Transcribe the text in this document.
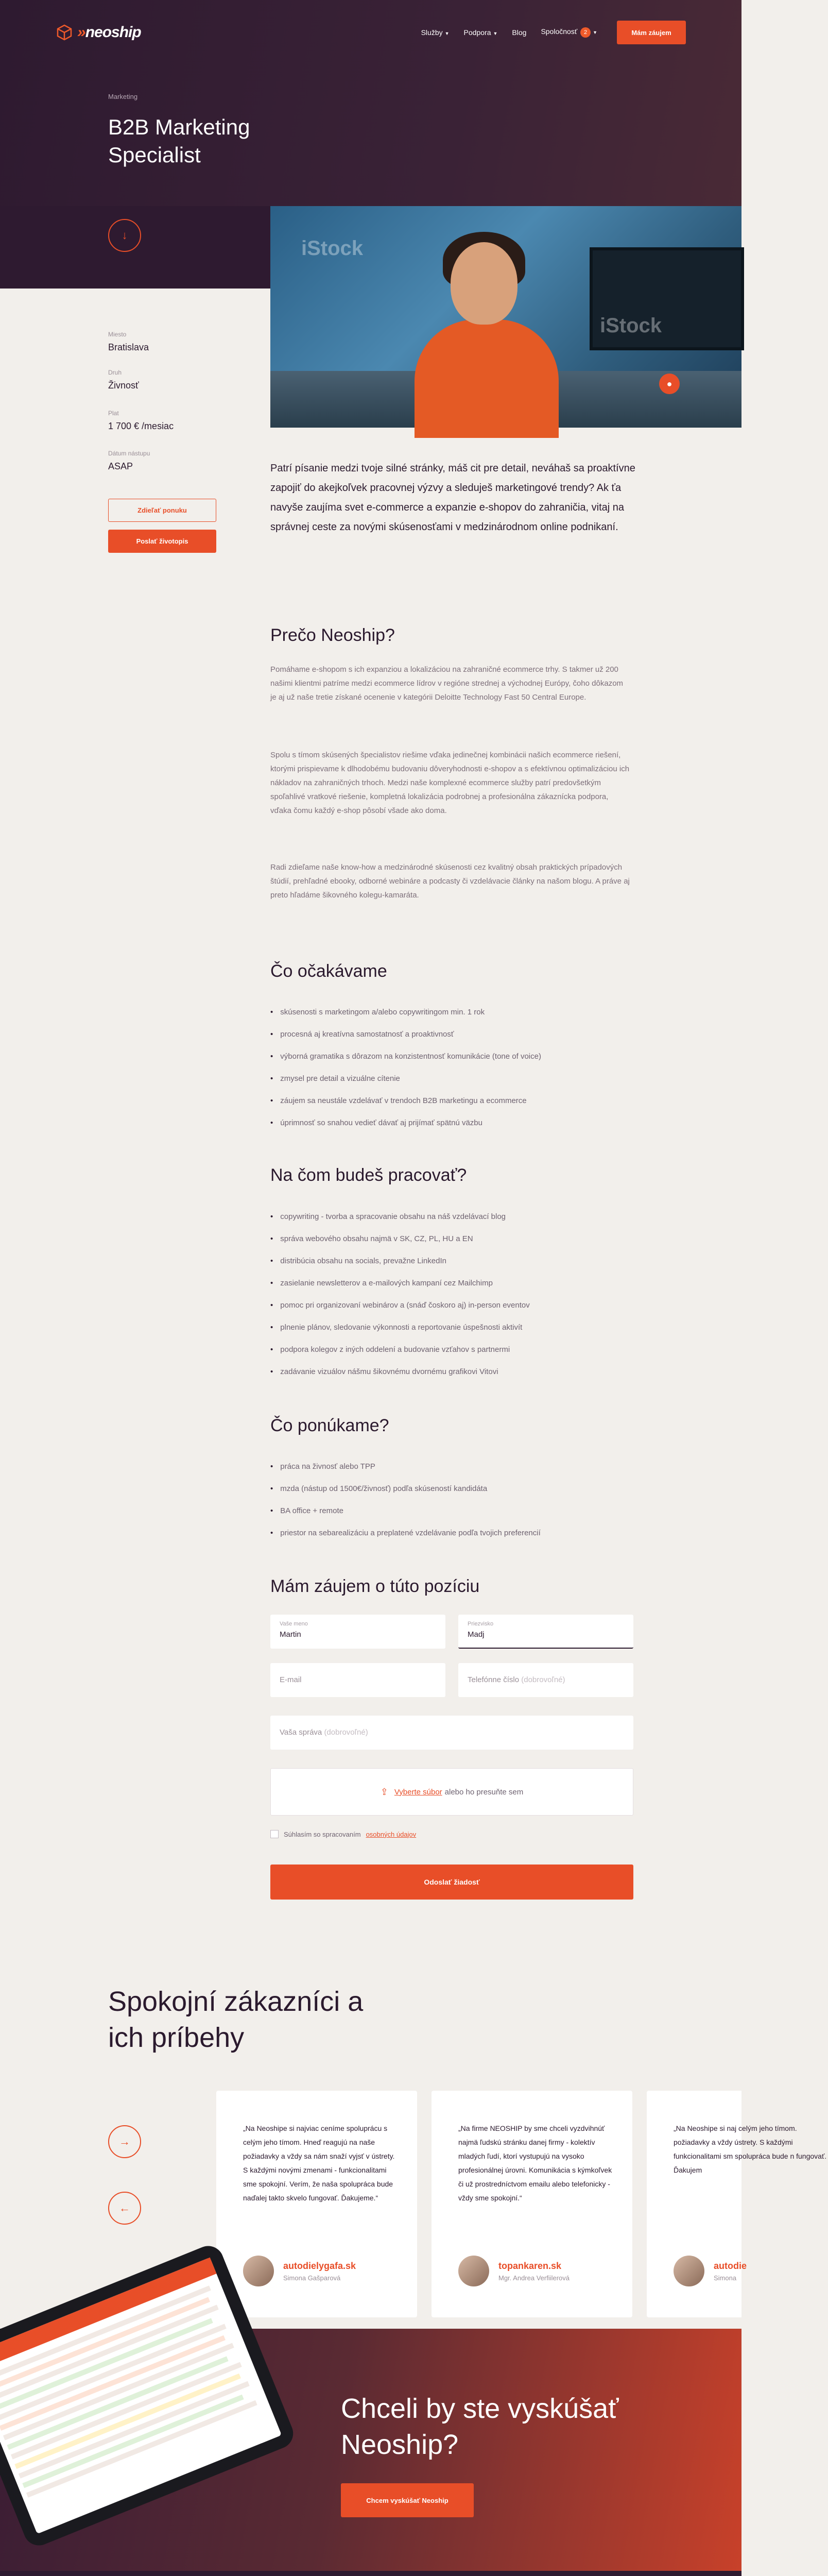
»neoship	Služby ▼ Podpora ▼ Blog Spoločnosť 2 ▼	Mám záujem
Marketing
B2B Marketing Specialist
↓
iStock
iStock
●
Miesto
Bratislava
Druh
Živnosť
Plat
1 700 € /mesiac
Dátum nástupu
ASAP
Zdieľať ponuku
Poslať životopis
Patrí písanie medzi tvoje silné stránky, máš cit pre detail, neváhaš sa proaktívne zapojiť do akejkoľvek pracovnej výzvy a sleduješ marketingové trendy? Ak ťa navyše zaujíma svet e-commerce a expanzie e-shopov do zahraničia, vitaj na správnej ceste za novými skúsenosťami v medzinárodnom online podnikaní.
Prečo Neoship?
Pomáhame e-shopom s ich expanziou a lokalizáciou na zahraničné ecommerce trhy. S takmer už 200 našimi klientmi patríme medzi ecommerce lídrov v regióne strednej a východnej Európy, čoho dôkazom je aj už naše tretie získané ocenenie v kategórii Deloitte Technology Fast 50 Central Europe.
Spolu s tímom skúsených špecialistov riešime vďaka jedinečnej kombinácii našich ecommerce riešení, ktorými prispievame k dlhodobému budovaniu dôveryhodnosti e-shopov a s efektívnou optimalizáciou ich nákladov na zahraničných trhoch. Medzi naše komplexné ecommerce služby patrí predovšetkým spoľahlivé vratkové riešenie, kompletná lokalizácia podrobnej a profesionálna zákaznícka podpora, vďaka čomu každý e-shop pôsobí všade ako doma.
Radi zdieľame naše know-how a medzinárodné skúsenosti cez kvalitný obsah praktických prípadových štúdií, prehľadné ebooky, odborné webináre a podcasty či vzdelávacie články na našom blogu. A práve aj preto hľadáme šikovného kolegu-kamaráta.
Čo očakávame
• skúsenosti s marketingom a/alebo copywritingom min. 1 rok
• procesná aj kreatívna samostatnosť a proaktivnosť
• výborná gramatika s dôrazom na konzistentnosť komunikácie (tone of voice)
• zmysel pre detail a vizuálne cítenie
• záujem sa neustále vzdelávať v trendoch B2B marketingu a ecommerce
• úprimnosť so snahou vedieť dávať aj prijímať spätnú väzbu
Na čom budeš pracovať?
• copywriting - tvorba a spracovanie obsahu na náš vzdelávací blog
• správa webového obsahu najmä v SK, CZ, PL, HU a EN
• distribúcia obsahu na socials, prevažne LinkedIn
• zasielanie newsletterov a e-mailových kampaní cez Mailchimp
• pomoc pri organizovaní webinárov a (snáď čoskoro aj) in-person eventov
• plnenie plánov, sledovanie výkonnosti a reportovanie úspešnosti aktivít
• podpora kolegov z iných oddelení a budovanie vzťahov s partnermi
• zadávanie vizuálov nášmu šikovnému dvornému grafikovi Vitovi
Čo ponúkame?
• práca na živnosť alebo TPP
• mzda (nástup od 1500€/živnosť) podľa skúseností kandidáta
• BA office + remote
• priestor na sebarealizáciu a preplatené vzdelávanie podľa tvojich preferencií
Mám záujem o túto pozíciu
Vaše meno
Martin
Priezvisko
Madj
E-mail	Telefónne číslo (dobrovoľné)
Vaša správa (dobrovoľné)
⇪ Vyberte súbor alebo ho presuňte sem
Súhlasím so spracovaním osobných údajov
Odoslať žiadosť
Spokojní zákazníci a ich príbehy
→
←
„Na Neoshipe si najviac ceníme spoluprácu s celým jeho tímom. Hneď reagujú na naše požiadavky a vždy sa nám snaží vyjsť v ústrety. S každými novými zmenami - funkcionalitami sme spokojní. Verím, že naša spolupráca bude naďalej takto skvelo fungovať. Ďakujeme.“
autodielygafa.sk
Simona Gašparová
„Na firme NEOSHIP by sme chceli vyzdvihnúť najmä ľudskú stránku danej firmy - kolektív mladých ľudí, ktorí vystupujú na vysoko profesionálnej úrovni. Komunikácia s kýmkoľvek či už prostredníctvom emailu alebo telefonicky - vždy sme spokojní.“
topankaren.sk
Mgr. Andrea Verfiilerová
„Na Neoshipe si naj celým jeho tímom. požiadavky a vždy ústrety. S každými funkcionalitami sm spolupráca bude n fungovať. Ďakujem
autodie
Simona
Chceli by ste vyskúšať Neoship?
Chcem vyskúšať Neoship
